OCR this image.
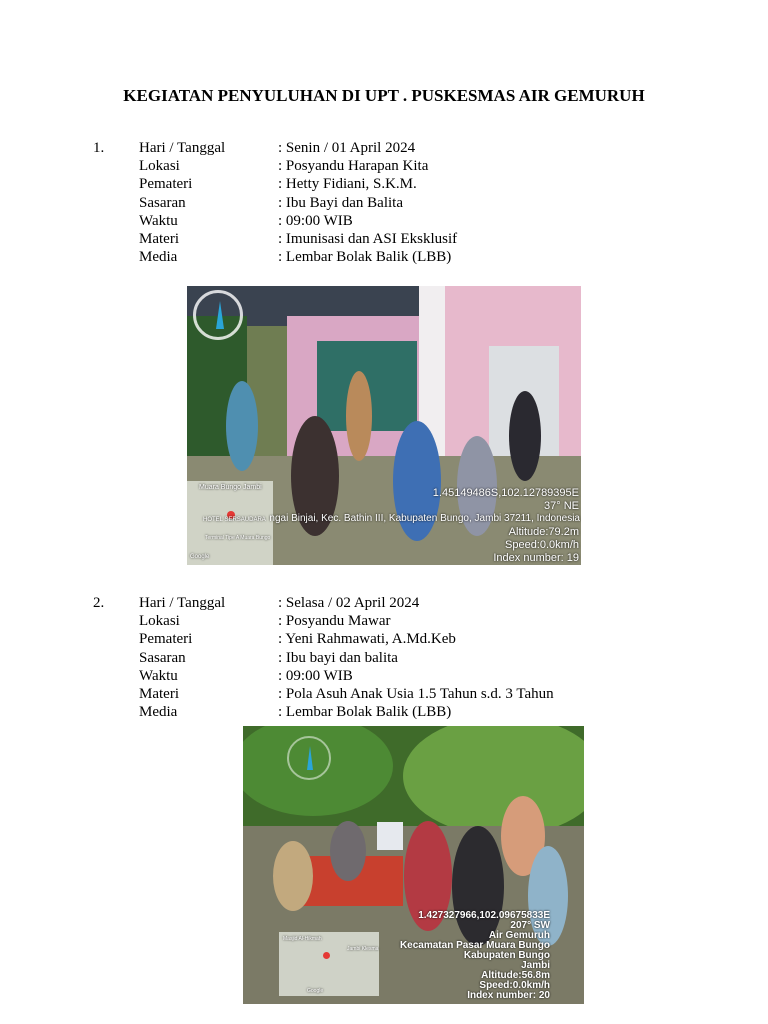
KEGIATAN PENYULUHAN DI UPT . PUSKESMAS AIR GEMURUH
1. Hari / Tanggal	: Senin / 01 April 2024
Lokasi	: Posyandu Harapan Kita
Pemateri	: Hetty Fidiani, S.K.M.
Sasaran	: Ibu Bayi dan Balita
Waktu	: 09:00 WIB
Materi	: Imunisasi dan ASI Eksklusif
Media	: Lembar Bolak Balik (LBB)
Muara Bungo Jambi
HOTEL SERSAUDARA
Terminal Tipe A Muara Bungo
Google
1.45149486S,102.12789395E
37° NE
ngai Binjai, Kec. Bathin III, Kabupaten Bungo, Jambi 37211, Indonesia
Altitude:79.2m
Speed:0.0km/h
Index number: 19
2. Hari / Tanggal	: Selasa / 02 April 2024
Lokasi	: Posyandu Mawar
Pemateri	: Yeni Rahmawati, A.Md.Keb
Sasaran	: Ibu bayi dan balita
Waktu	: 09:00 WIB
Materi	: Pola Asuh Anak Usia 1.5 Tahun s.d. 3 Tahun
Media	: Lembar Bolak Balik (LBB)
Masjid Al-Hikmah
Jambi Klesma
Google
1.427327966,102.09675833E
207° SW
Air Gemuruh
Kecamatan Pasar Muara Bungo
Kabupaten Bungo
Jambi
Altitude:56.8m
Speed:0.0km/h
Index number: 20
